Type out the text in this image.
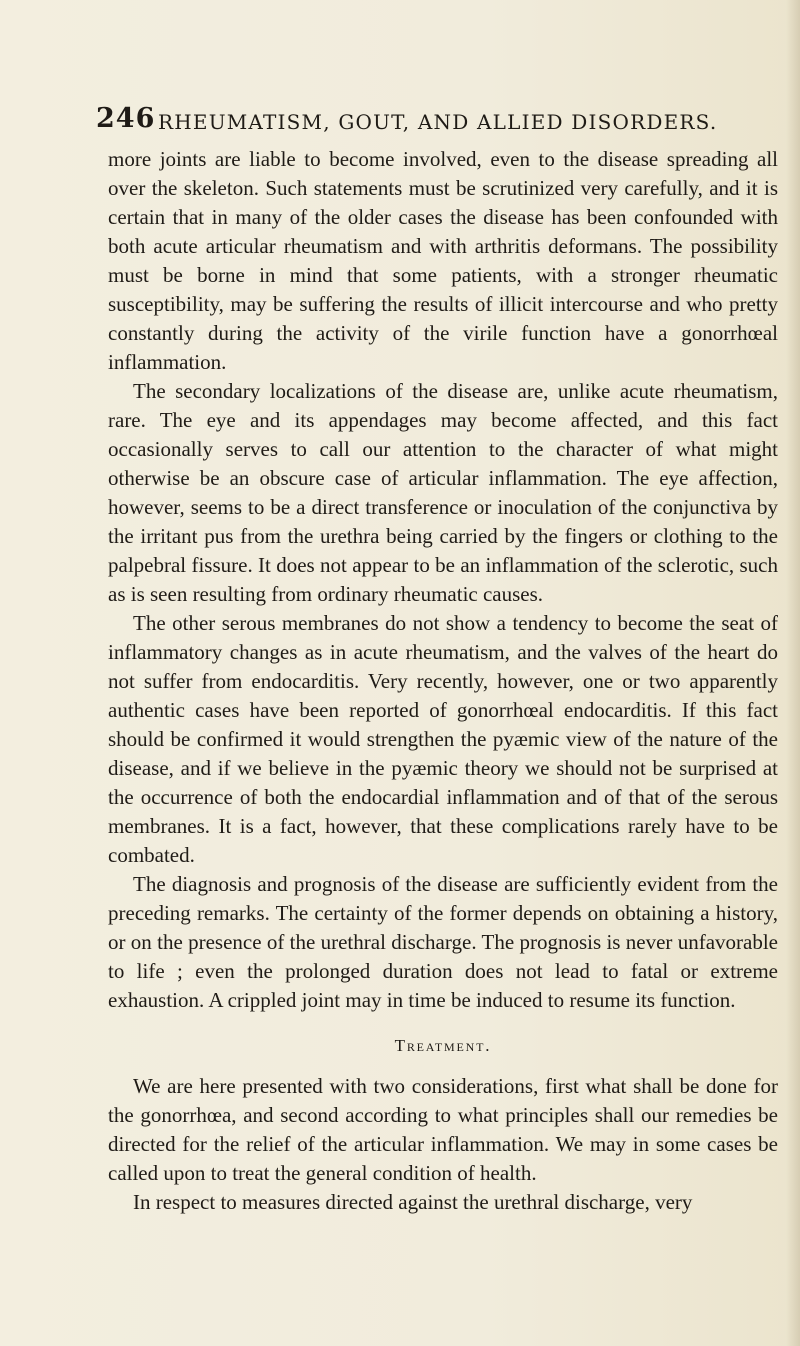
246 RHEUMATISM, GOUT, AND ALLIED DISORDERS.

more joints are liable to become involved, even to the disease spreading all over the skeleton. Such statements must be scrutinized very carefully, and it is certain that in many of the older cases the disease has been confounded with both acute articular rheumatism and with arthritis deformans. The possibility must be borne in mind that some patients, with a stronger rheumatic susceptibility, may be suffering the results of illicit intercourse and who pretty constantly during the activity of the virile function have a gonorrhœal inflammation.

The secondary localizations of the disease are, unlike acute rheumatism, rare. The eye and its appendages may become affected, and this fact occasionally serves to call our attention to the character of what might otherwise be an obscure case of articular inflammation. The eye affection, however, seems to be a direct transference or inoculation of the conjunctiva by the irritant pus from the urethra being carried by the fingers or clothing to the palpebral fissure. It does not appear to be an inflammation of the sclerotic, such as is seen resulting from ordinary rheumatic causes.

The other serous membranes do not show a tendency to become the seat of inflammatory changes as in acute rheumatism, and the valves of the heart do not suffer from endocarditis. Very recently, however, one or two apparently authentic cases have been reported of gonorrhœal endocarditis. If this fact should be confirmed it would strengthen the pyæmic view of the nature of the disease, and if we believe in the pyæmic theory we should not be surprised at the occurrence of both the endocardial inflammation and of that of the serous membranes. It is a fact, however, that these complications rarely have to be combated.

The diagnosis and prognosis of the disease are sufficiently evident from the preceding remarks. The certainty of the former depends on obtaining a history, or on the presence of the urethral discharge. The prognosis is never unfavorable to life ; even the prolonged duration does not lead to fatal or extreme exhaustion. A crippled joint may in time be induced to resume its function.

Treatment.

We are here presented with two considerations, first what shall be done for the gonorrhœa, and second according to what principles shall our remedies be directed for the relief of the articular inflammation. We may in some cases be called upon to treat the general condition of health.

In respect to measures directed against the urethral discharge, very
